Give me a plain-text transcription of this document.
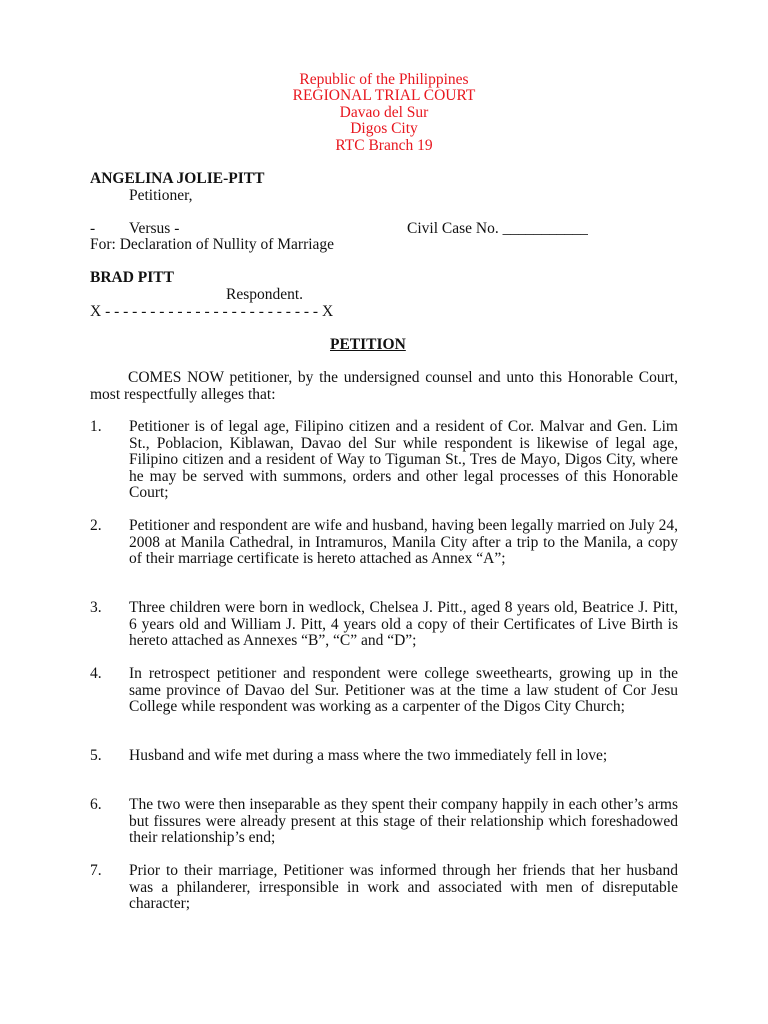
Republic of the Philippines
REGIONAL TRIAL COURT
Davao del Sur
Digos City
RTC Branch 19
ANGELINA JOLIE-PITT
Petitioner,
- Versus -	Civil Case No. ___________
For: Declaration of Nullity of Marriage
BRAD PITT
Respondent.
X - - - - - - - - - - - - - - - - - - - - - - - - X
PETITION
COMES NOW petitioner, by the undersigned counsel and unto this Honorable Court, most respectfully alleges that:
1. Petitioner is of legal age, Filipino citizen and a resident of Cor. Malvar and Gen. Lim St., Poblacion, Kiblawan, Davao del Sur while respondent is likewise of legal age, Filipino citizen and a resident of Way to Tiguman St., Tres de Mayo, Digos City, where he may be served with summons, orders and other legal processes of this Honorable Court;
2. Petitioner and respondent are wife and husband, having been legally married on July 24, 2008 at Manila Cathedral, in Intramuros, Manila City after a trip to the Manila, a copy of their marriage certificate is hereto attached as Annex “A”;
3. Three children were born in wedlock, Chelsea J. Pitt., aged 8 years old, Beatrice J. Pitt, 6 years old and William J. Pitt, 4 years old a copy of their Certificates of Live Birth is hereto attached as Annexes “B”, “C” and “D”;
4. In retrospect petitioner and respondent were college sweethearts, growing up in the same province of Davao del Sur. Petitioner was at the time a law student of Cor Jesu College while respondent was working as a carpenter of the Digos City Church;
5. Husband and wife met during a mass where the two immediately fell in love;
6. The two were then inseparable as they spent their company happily in each other’s arms but fissures were already present at this stage of their relationship which foreshadowed their relationship’s end;
7. Prior to their marriage, Petitioner was informed through her friends that her husband was a philanderer, irresponsible in work and associated with men of disreputable character;
